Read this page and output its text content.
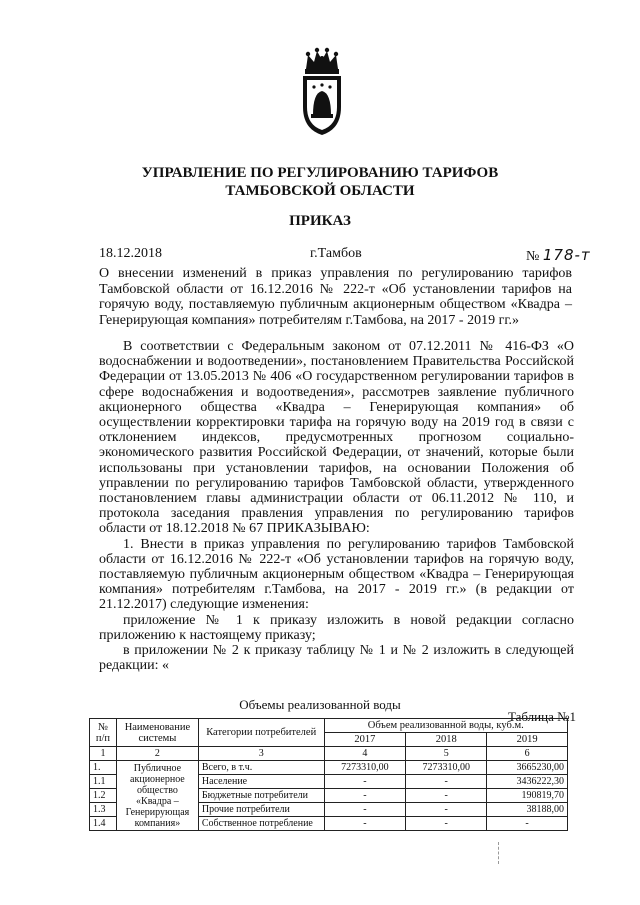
УПРАВЛЕНИЕ ПО РЕГУЛИРОВАНИЮ ТАРИФОВ
ТАМБОВСКОЙ ОБЛАСТИ
ПРИКАЗ
18.12.2018	г.Тамбов	№ 178-т
О внесении изменений в приказ управления по регулированию тарифов Тамбовской области от 16.12.2016 № 222-т «Об установлении тарифов на горячую воду, поставляемую публичным акционерным обществом «Квадра – Генерирующая компания» потребителям г.Тамбова, на 2017 - 2019 гг.»

В соответствии с Федеральным законом от 07.12.2011 № 416-ФЗ «О водоснабжении и водоотведении», постановлением Правительства Российской Федерации от 13.05.2013 № 406 «О государственном регулировании тарифов в сфере водоснабжения и водоотведения», рассмотрев заявление публичного акционерного общества «Квадра – Генерирующая компания» об осуществлении корректировки тарифа на горячую воду на 2019 год в связи с отклонением индексов, предусмотренных прогнозом социально-экономического развития Российской Федерации, от значений, которые были использованы при установлении тарифов, на основании Положения об управлении по регулированию тарифов Тамбовской области, утвержденного постановлением главы администрации области от 06.11.2012 № 110, и протокола заседания правления управления по регулированию тарифов области от 18.12.2018 № 67 ПРИКАЗЫВАЮ:

1. Внести в приказ управления по регулированию тарифов Тамбовской области от 16.12.2016 № 222-т «Об установлении тарифов на горячую воду, поставляемую публичным акционерным обществом «Квадра – Генерирующая компания» потребителям г.Тамбова, на 2017 - 2019 гг.» (в редакции от 21.12.2017) следующие изменения:

приложение № 1 к приказу изложить в новой редакции согласно приложению к настоящему приказу;

в приложении № 2 к приказу таблицу № 1 и № 2 изложить в следующей редакции: «

Объемы реализованной воды
Таблица №1
№ п/п	Наименование системы	Категории потребителей	Объем реализованной воды, куб.м.		
			2017	2018	2019
1	2	3	4	5	6
1.	Публичное акционерное общество «Квадра – Генерирующая компания»	Всего, в т.ч.	7273310,00	7273310,00	3665230,00
1.1		Население	-	-	3436222,30
1.2		Бюджетные потребители	-	-	190819,70
1.3		Прочие потребители	-	-	38188,00
1.4		Собственное потребление	-	-	-
